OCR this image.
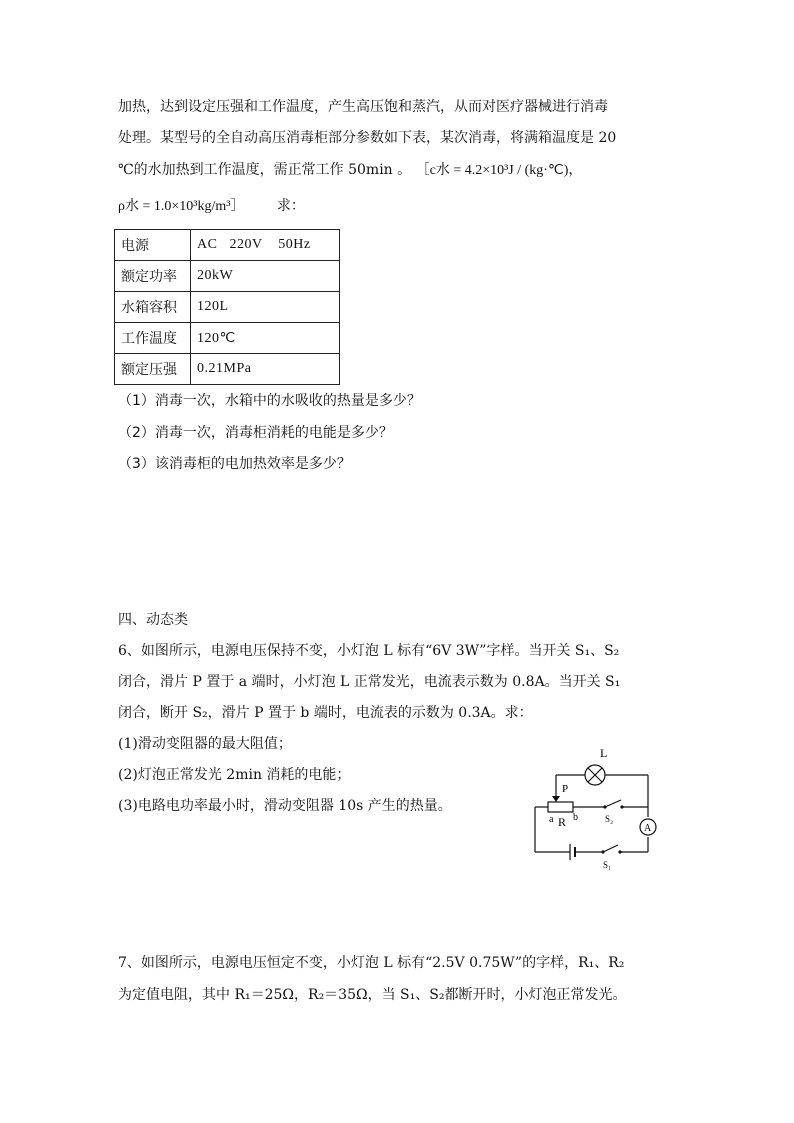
加热，达到设定压强和工作温度，产生高压饱和蒸汽，从而对医疗器械进行消毒
处理。某型号的全自动高压消毒柜部分参数如下表，某次消毒，将满箱温度是 20
℃的水加热到工作温度，需正常工作 50min 。 ［c水 = 4.2×10³J / (kg·℃)，
ρ水 = 1.0×10³kg/m³］ 求：
电源	AC   220V    50Hz
额定功率	20kW
水箱容积	120L
工作温度	120℃
额定压强	0.21MPa
（1）消毒一次，水箱中的水吸收的热量是多少？
（2）消毒一次，消毒柜消耗的电能是多少？
（3）该消毒柜的电加热效率是多少？
四、动态类
6、如图所示，电源电压保持不变，小灯泡 L 标有“6V 3W”字样。当开关 S₁、S₂
闭合，滑片 P 置于 a 端时，小灯泡 L 正常发光，电流表示数为 0.8A。当开关 S₁
闭合，断开 S₂，滑片 P 置于 b 端时，电流表的示数为 0.3A。求：
(1)滑动变阻器的最大阻值；
(2)灯泡正常发光 2min 消耗的电能；
(3)电路电功率最小时，滑动变阻器 10s 产生的热量。
L
P
a R b	S₂
A
S₁
7、如图所示，电源电压恒定不变，小灯泡 L 标有“2.5V 0.75W”的字样，R₁、R₂
为定值电阻，其中 R₁＝25Ω，R₂＝35Ω，当 S₁、S₂都断开时，小灯泡正常发光。
